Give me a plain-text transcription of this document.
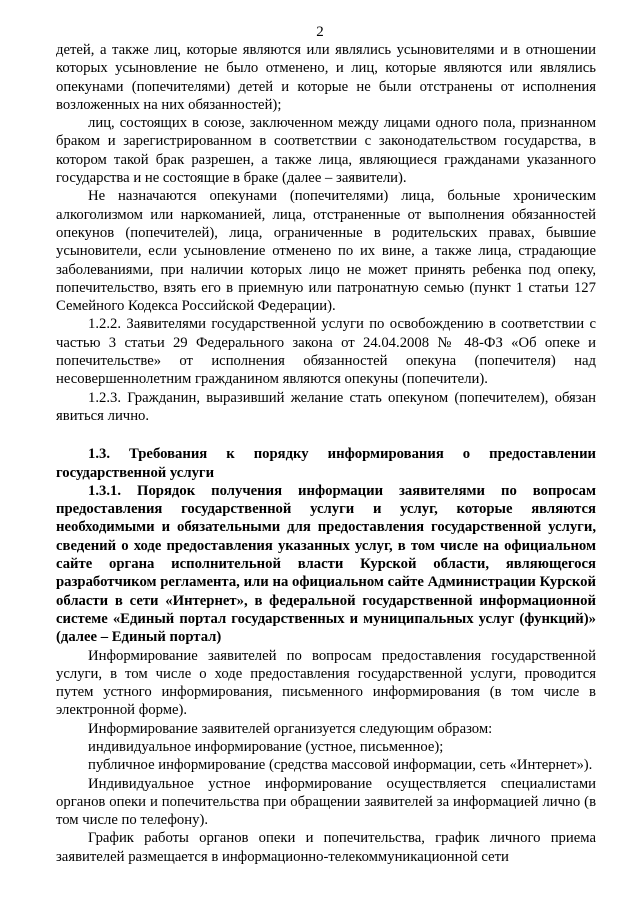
2

детей, а также лиц, которые являются или являлись усыновителями и в отношении которых усыновление не было отменено, и лиц, которые являются или являлись опекунами (попечителями) детей и которые не были отстранены от исполнения возложенных на них обязанностей);

лиц, состоящих в союзе, заключенном между лицами одного пола, признанном браком и зарегистрированном в соответствии с законодательством государства, в котором такой брак разрешен, а также лица, являющиеся гражданами указанного государства и не состоящие в браке (далее – заявители).

Не назначаются опекунами (попечителями) лица, больные хроническим алкоголизмом или наркоманией, лица, отстраненные от выполнения обязанностей опекунов (попечителей), лица, ограниченные в родительских правах, бывшие усыновители, если усыновление отменено по их вине, а также лица, страдающие заболеваниями, при наличии которых лицо не может принять ребенка под опеку, попечительство, взять его в приемную или патронатную семью (пункт 1 статьи 127 Семейного Кодекса Российской Федерации).

1.2.2. Заявителями государственной услуги по освобождению в соответствии с частью 3 статьи 29 Федерального закона от 24.04.2008 № 48-ФЗ «Об опеке и попечительстве» от исполнения обязанностей опекуна (попечителя) над несовершеннолетним гражданином являются опекуны (попечители).

1.2.3. Гражданин, выразивший желание стать опекуном (попечителем), обязан явиться лично.

1.3. Требования к порядку информирования о предоставлении государственной услуги

1.3.1. Порядок получения информации заявителями по вопросам предоставления государственной услуги и услуг, которые являются необходимыми и обязательными для предоставления государственной услуги, сведений о ходе предоставления указанных услуг, в том числе на официальном сайте органа исполнительной власти Курской области, являющегося разработчиком регламента, или на официальном сайте Администрации Курской области в сети «Интернет», в федеральной государственной информационной системе «Единый портал государственных и муниципальных услуг (функций)» (далее – Единый портал)

Информирование заявителей по вопросам предоставления государственной услуги, в том числе о ходе предоставления государственной услуги, проводится путем устного информирования, письменного информирования (в том числе в электронной форме).

Информирование заявителей организуется следующим образом:

индивидуальное информирование (устное, письменное);

публичное информирование (средства массовой информации, сеть «Интернет»).

Индивидуальное устное информирование осуществляется специалистами органов опеки и попечительства при обращении заявителей за информацией лично (в том числе по телефону).

График работы органов опеки и попечительства, график личного приема заявителей размещается в информационно-телекоммуникационной сети
